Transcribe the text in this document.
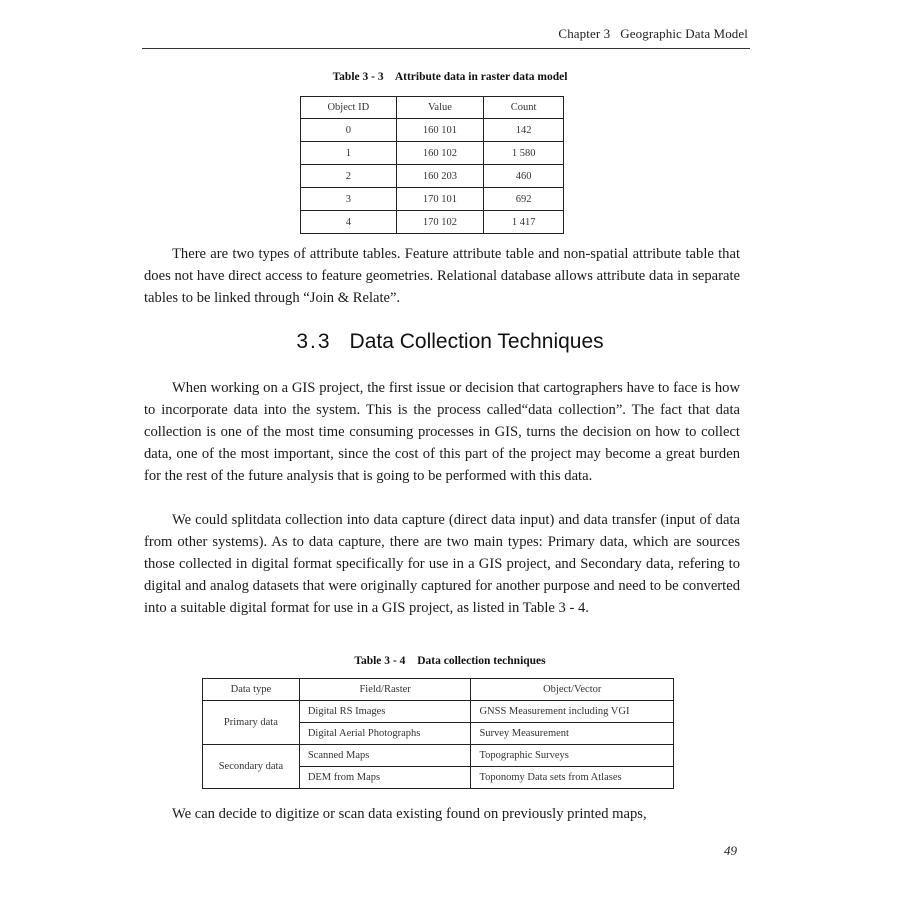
Chapter 3   Geographic Data Model
Table 3 - 3 Attribute data in raster data model
Object ID	Value	Count
0	160 101	142
1	160 102	1 580
2	160 203	460
3	170 101	692
4	170 102	1 417

There are two types of attribute tables. Feature attribute table and non-spatial attribute table that does not have direct access to feature geometries. Relational database allows attribute data in separate tables to be linked through “Join & Relate”.

3.3 Data Collection Techniques

When working on a GIS project, the first issue or decision that cartographers have to face is how to incorporate data into the system. This is the process called“data collection”. The fact that data collection is one of the most time consuming processes in GIS, turns the decision on how to collect data, one of the most important, since the cost of this part of the project may become a great burden for the rest of the future analysis that is going to be performed with this data.

We could splitdata collection into data capture (direct data input) and data transfer (input of data from other systems). As to data capture, there are two main types: Primary data, which are sources those collected in digital format specifically for use in a GIS project, and Secondary data, refering to digital and analog datasets that were originally captured for another purpose and need to be converted into a suitable digital format for use in a GIS project, as listed in Table 3 - 4.

Table 3 - 4 Data collection techniques
Data type	Field/Raster	Object/Vector
Primary data	Digital RS Images	GNSS Measurement including VGI
	Digital Aerial Photographs	Survey Measurement
Secondary data	Scanned Maps	Topographic Surveys
	DEM from Maps	Toponomy Data sets from Atlases

We can decide to digitize or scan data existing found on previously printed maps,

49
